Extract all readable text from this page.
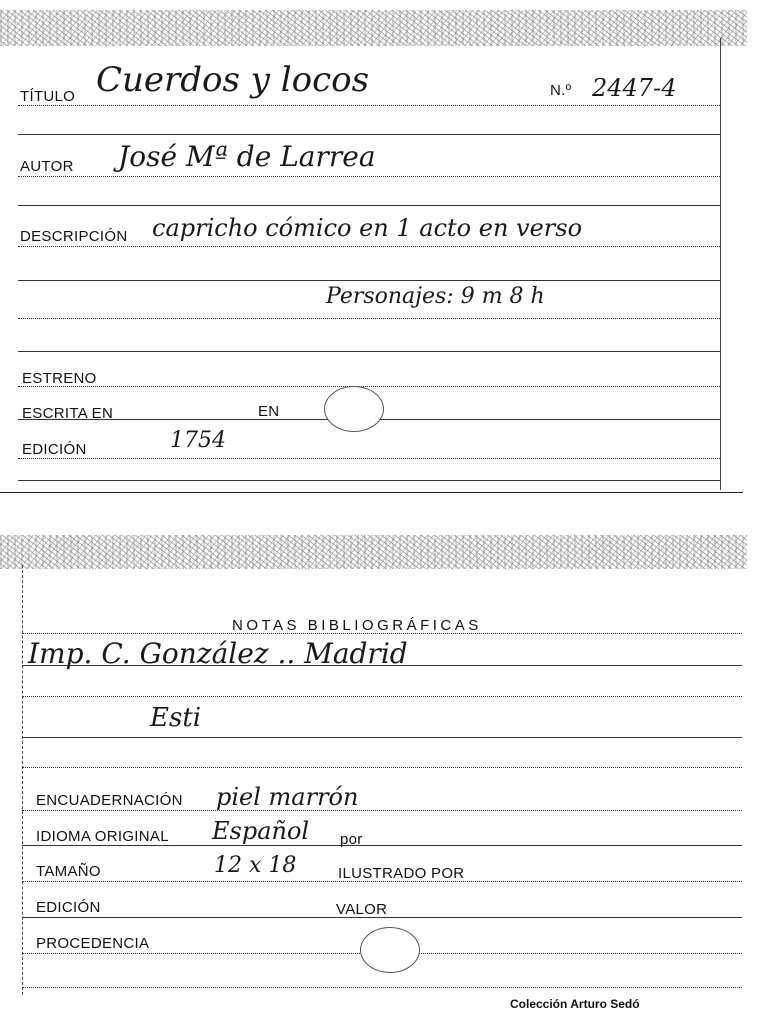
TÍTULO Cuerdos y locos	N.º 2447-4
AUTOR José Mª de Larrea
DESCRIPCIÓN capricho cómico en 1 acto en verso
Personajes: 9 m 8 h
ESTRENO
ESCRITA EN	EN
EDICIÓN	1754
NOTAS BIBLIOGRÁFICAS
Imp. C. González .. Madrid
Esti
ENCUADERNACIÓN piel marrón
IDIOMA ORIGINAL Español por
TAMAÑO	12 x 18	ILUSTRADO POR
EDICIÓN	VALOR
PROCEDENCIA
Colección Arturo Sedó
